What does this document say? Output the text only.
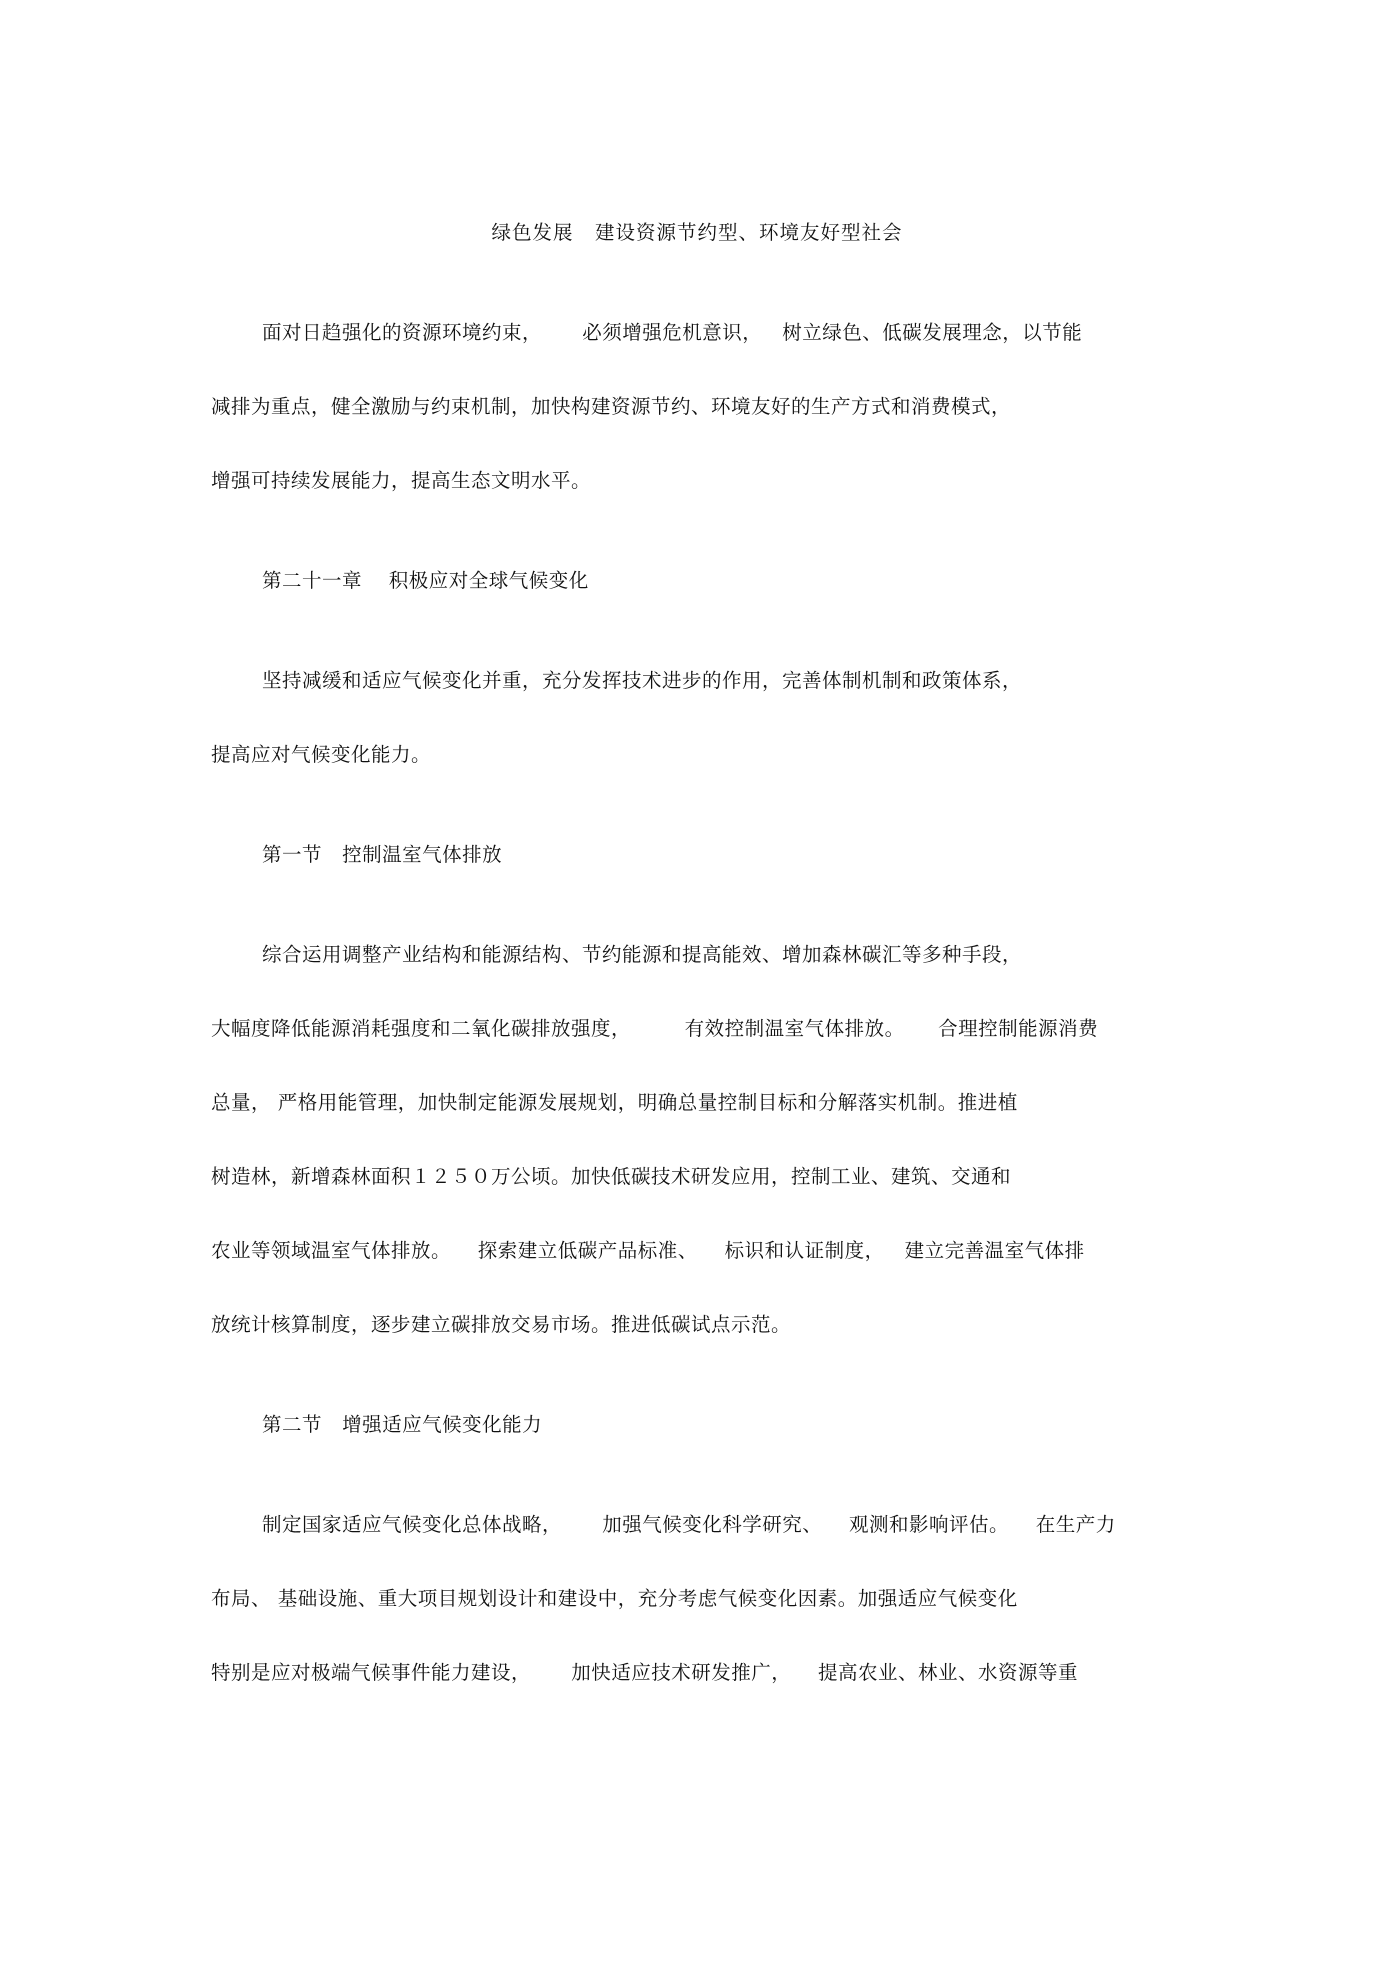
绿色发展   建设资源节约型、环境友好型社会
面对日趋强化的资源环境约束，      必须增强危机意识，   树立绿色、低碳发展理念，以节能
减排为重点，健全激励与约束机制，加快构建资源节约、环境友好的生产方式和消费模式，
增强可持续发展能力，提高生态文明水平。
第二十一章    积极应对全球气候变化
坚持减缓和适应气候变化并重，充分发挥技术进步的作用，完善体制机制和政策体系，
提高应对气候变化能力。
第一节   控制温室气体排放
综合运用调整产业结构和能源结构、节约能源和提高能效、增加森林碳汇等多种手段，
大幅度降低能源消耗强度和二氧化碳排放强度，        有效控制温室气体排放。     合理控制能源消费
总量， 严格用能管理，加快制定能源发展规划，明确总量控制目标和分解落实机制。推进植
树造林，新增森林面积１２５０万公顷。加快低碳技术研发应用，控制工业、建筑、交通和
农业等领域温室气体排放。    探索建立低碳产品标准、    标识和认证制度，   建立完善温室气体排
放统计核算制度，逐步建立碳排放交易市场。推进低碳试点示范。
第二节   增强适应气候变化能力
制定国家适应气候变化总体战略，      加强气候变化科学研究、    观测和影响评估。    在生产力
布局、 基础设施、重大项目规划设计和建设中，充分考虑气候变化因素。加强适应气候变化
特别是应对极端气候事件能力建设，      加快适应技术研发推广，    提高农业、林业、水资源等重
